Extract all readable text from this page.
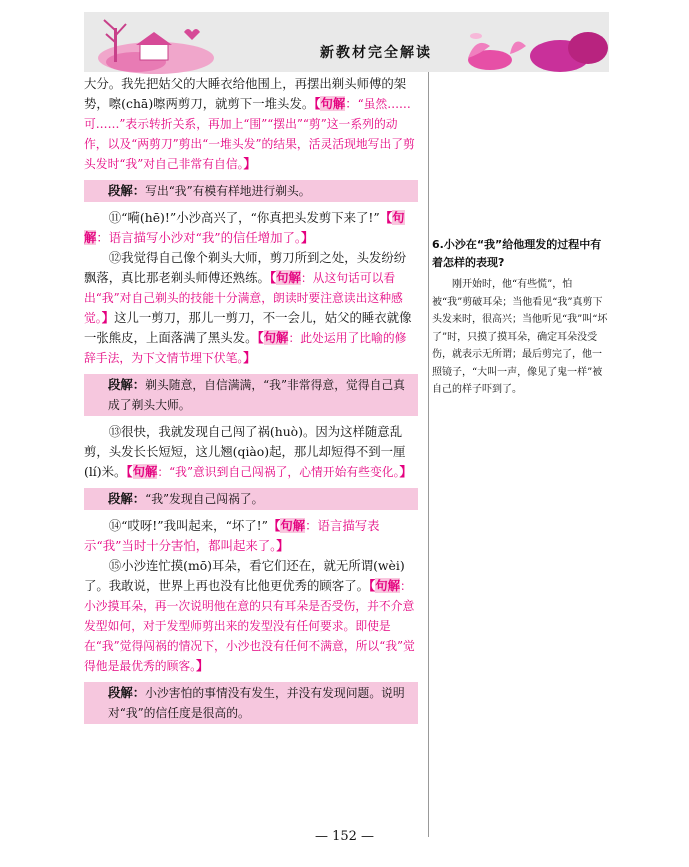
新教材完全解读

大分。我先把姑父的大睡衣给他围上，再摆出剃头师傅的架势，嚓(chā)嚓两剪刀，就剪下一堆头发。【句解：“虽然……可……”表示转折关系，再加上“围”“摆出”“剪”这一系列的动作，以及“两剪刀”剪出“一堆头发”的结果，活灵活现地写出了剪头发时“我”对自己非常有自信。】

段解：写出“我”有模有样地进行剃头。

⑪“嗬(hē)!”小沙高兴了，“你真把头发剪下来了!”【句解：语言描写小沙对“我”的信任增加了。】

⑫我觉得自己像个剃头大师，剪刀所到之处，头发纷纷飘落，真比那老剃头师傅还熟练。【句解：从这句话可以看出“我”对自己剃头的技能十分满意，朗读时要注意读出这种感觉。】这儿一剪刀，那儿一剪刀，不一会儿，姑父的睡衣就像一张熊皮，上面落满了黑头发。【句解：此处运用了比喻的修辞手法，为下文情节埋下伏笔。】

段解：剃头随意，自信满满，“我”非常得意，觉得自己真成了剃头大师。

⑬很快，我就发现自己闯了祸(huò)。因为这样随意乱剪，头发长长短短，这儿翘(qiào)起，那儿却短得不到一厘(lí)米。【句解：“我”意识到自己闯祸了，心情开始有些变化。】

段解：“我”发现自己闯祸了。

⑭“哎呀!”我叫起来，“坏了!”【句解：语言描写表示“我”当时十分害怕，都叫起来了。】

⑮小沙连忙摸(mō)耳朵，看它们还在，就无所谓(wèi)了。我敢说，世界上再也没有比他更优秀的顾客了。【句解：小沙摸耳朵，再一次说明他在意的只有耳朵是否受伤，并不介意发型如何，对于发型师剪出来的发型没有任何要求。即使是在“我”觉得闯祸的情况下，小沙也没有任何不满意，所以“我”觉得他是最优秀的顾客。】

段解：小沙害怕的事情没有发生，并没有发现问题。说明对“我”的信任度是很高的。
6.小沙在“我”给他理发的过程中有着怎样的表现?
刚开始时，他“有些慌”，怕被“我”剪破耳朵；当他看见“我”真剪下头发来时，很高兴；当他听见“我”叫“坏了”时，只摸了摸耳朵，确定耳朵没受伤，就表示无所谓；最后剪完了，他一照镜子，“大叫一声，像见了鬼一样”被自己的样子吓到了。
— 152 —
